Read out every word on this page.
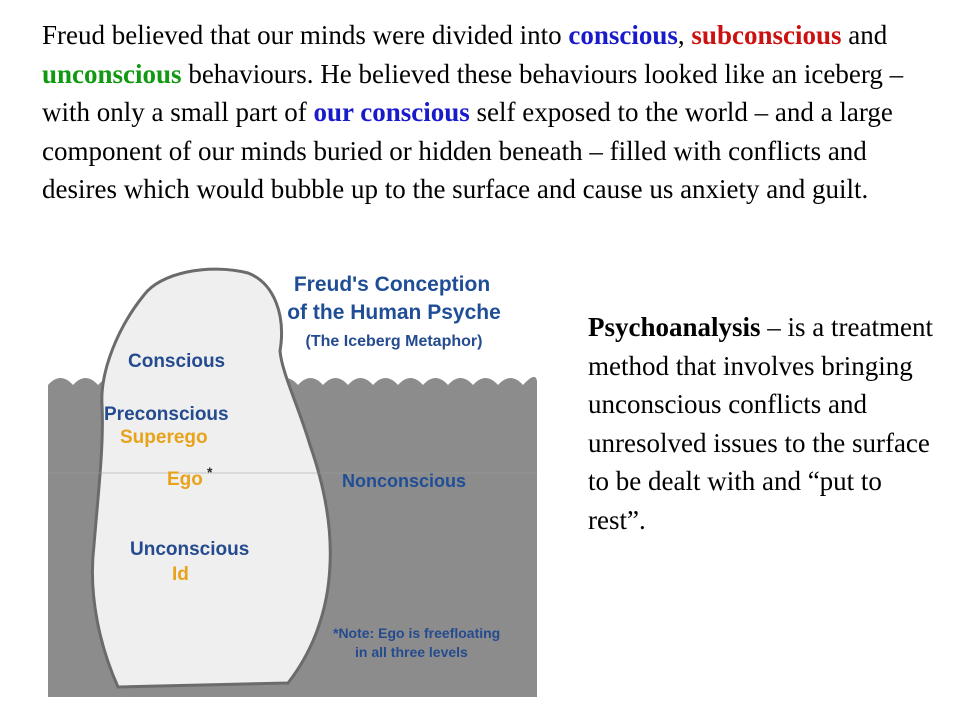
Freud believed that our minds were divided into conscious, subconscious and unconscious behaviours. He believed these behaviours looked like an iceberg – with only a small part of our conscious self exposed to the world – and a large component of our minds buried or hidden beneath – filled with conflicts and desires which would bubble up to the surface and cause us anxiety and guilt.

Freud's Conception
of the Human Psyche
(The Iceberg Metaphor)
Conscious
Preconscious
Superego
Ego *	Nonconscious
Unconscious
Id
*Note: Ego is freefloating
in all three levels

Psychoanalysis – is a treatment method that involves bringing unconscious conflicts and unresolved issues to the surface to be dealt with and “put to rest”.
